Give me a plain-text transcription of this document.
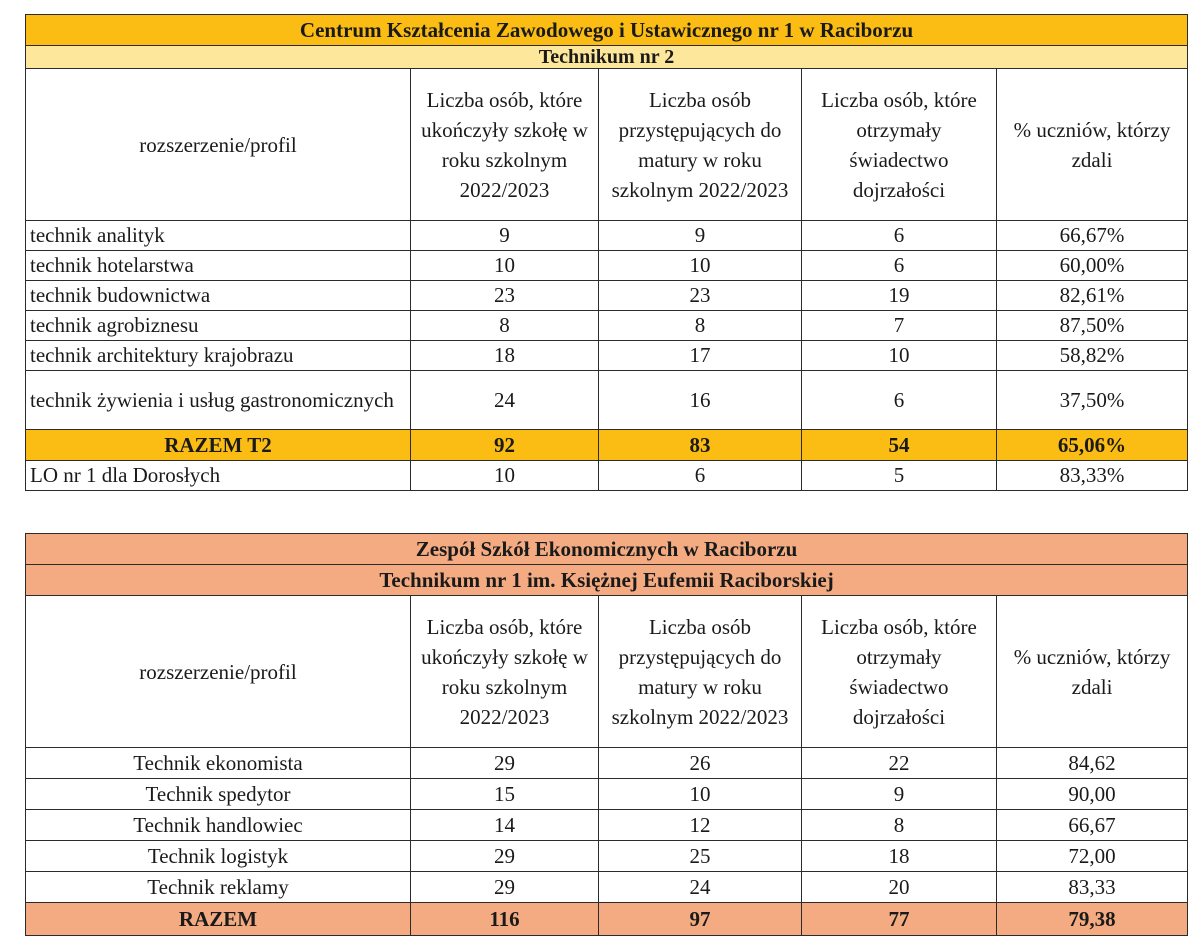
Centrum Kształcenia Zawodowego i Ustawicznego nr 1 w Raciborzu				
Technikum nr 2				
rozszerzenie/profil	Liczba osób, które ukończyły szkołę w roku szkolnym 2022/2023	Liczba osób przystępujących do matury w roku szkolnym 2022/2023	Liczba osób, które otrzymały świadectwo dojrzałości	% uczniów, którzy zdali
technik analityk	9	9	6	66,67%
technik hotelarstwa	10	10	6	60,00%
technik budownictwa	23	23	19	82,61%
technik agrobiznesu	8	8	7	87,50%
technik architektury krajobrazu	18	17	10	58,82%
technik żywienia i usług gastronomicznych	24	16	6	37,50%
RAZEM T2	92	83	54	65,06%
LO nr 1 dla Dorosłych	10	6	5	83,33%
Zespół Szkół Ekonomicznych w Raciborzu				
Technikum nr 1 im. Księżnej Eufemii Raciborskiej				
rozszerzenie/profil	Liczba osób, które ukończyły szkołę w roku szkolnym 2022/2023	Liczba osób przystępujących do matury w roku szkolnym 2022/2023	Liczba osób, które otrzymały świadectwo dojrzałości	% uczniów, którzy zdali
Technik ekonomista	29	26	22	84,62
Technik spedytor	15	10	9	90,00
Technik handlowiec	14	12	8	66,67
Technik logistyk	29	25	18	72,00
Technik reklamy	29	24	20	83,33
RAZEM	116	97	77	79,38
